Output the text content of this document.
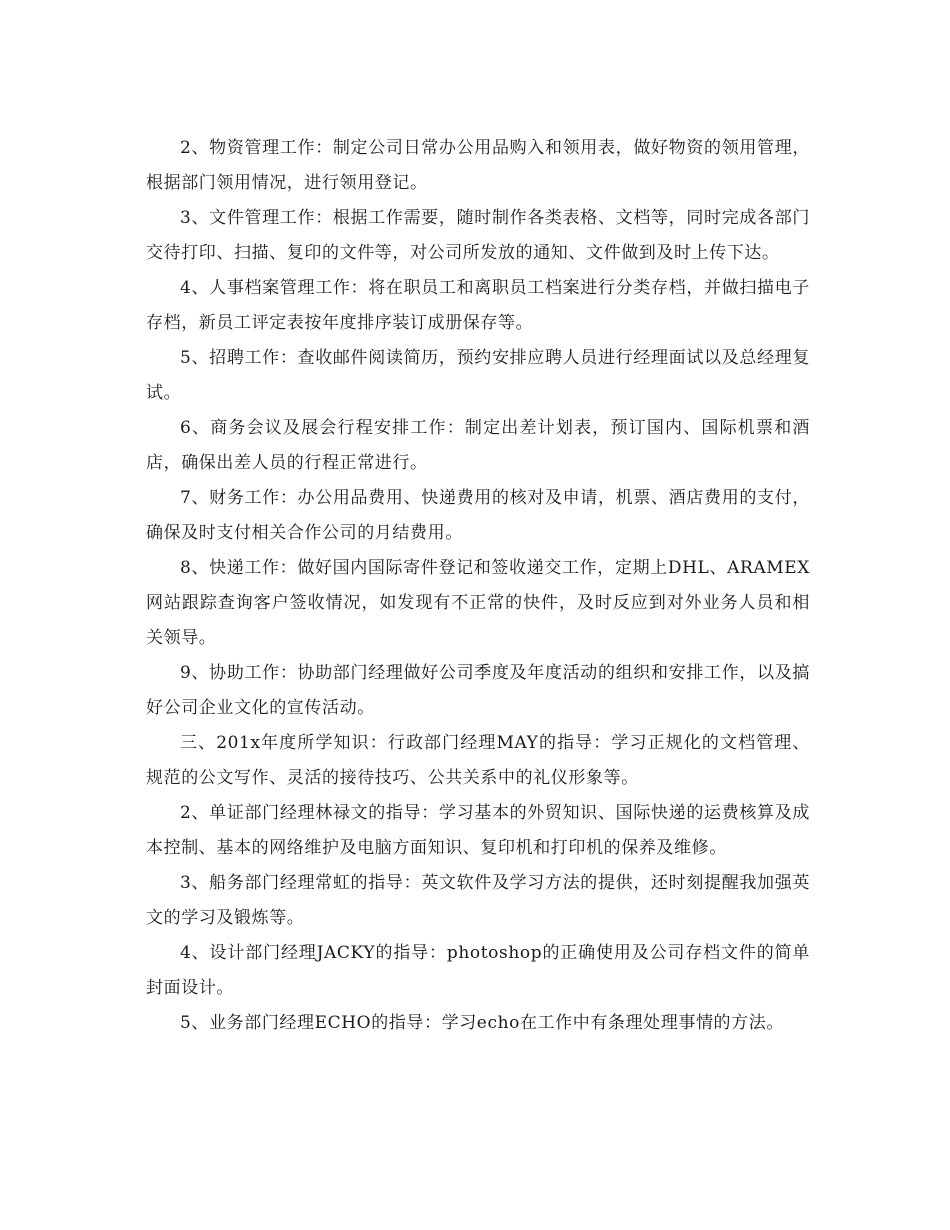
2、物资管理工作：制定公司日常办公用品购入和领用表，做好物资的领用管理，根据部门领用情况，进行领用登记。

3、文件管理工作：根据工作需要，随时制作各类表格、文档等，同时完成各部门交待打印、扫描、复印的文件等，对公司所发放的通知、文件做到及时上传下达。

4、人事档案管理工作：将在职员工和离职员工档案进行分类存档，并做扫描电子存档，新员工评定表按年度排序装订成册保存等。

5、招聘工作：查收邮件阅读简历，预约安排应聘人员进行经理面试以及总经理复试。

6、商务会议及展会行程安排工作：制定出差计划表，预订国内、国际机票和酒店，确保出差人员的行程正常进行。

7、财务工作：办公用品费用、快递费用的核对及申请，机票、酒店费用的支付，确保及时支付相关合作公司的月结费用。

8、快递工作：做好国内国际寄件登记和签收递交工作，定期上DHL、ARAMEX网站跟踪查询客户签收情况，如发现有不正常的快件，及时反应到对外业务人员和相关领导。

9、协助工作：协助部门经理做好公司季度及年度活动的组织和安排工作，以及搞好公司企业文化的宣传活动。

三、201x年度所学知识：行政部门经理MAY的指导：学习正规化的文档管理、规范的公文写作、灵活的接待技巧、公共关系中的礼仪形象等。

2、单证部门经理林禄文的指导：学习基本的外贸知识、国际快递的运费核算及成本控制、基本的网络维护及电脑方面知识、复印机和打印机的保养及维修。

3、船务部门经理常虹的指导：英文软件及学习方法的提供，还时刻提醒我加强英文的学习及锻炼等。

4、设计部门经理JACKY的指导：photoshop的正确使用及公司存档文件的简单封面设计。

5、业务部门经理ECHO的指导：学习echo在工作中有条理处理事情的方法。
